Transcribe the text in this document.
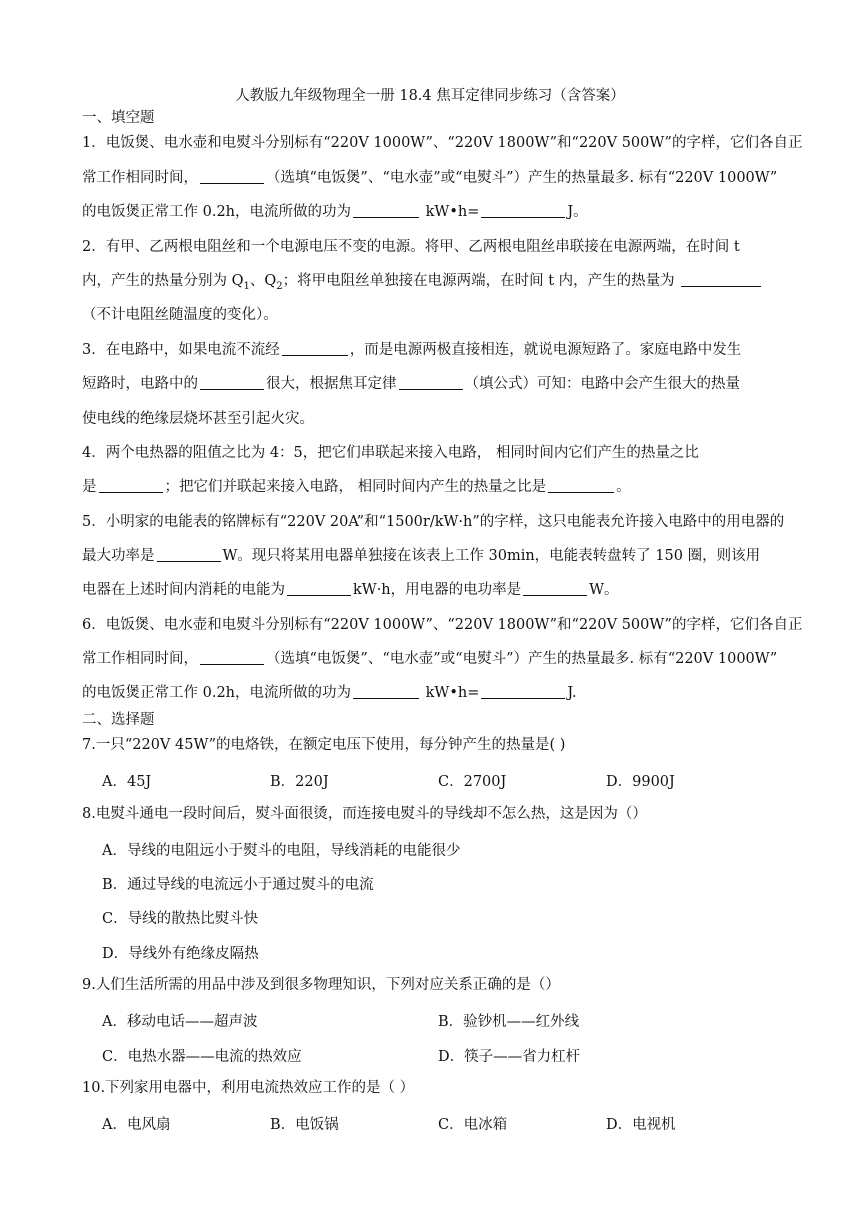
人教版九年级物理全一册 18.4 焦耳定律同步练习（含答案）
一、填空题
1．电饭煲、电水壶和电熨斗分别标有“220V 1000W”、“220V 1800W”和“220V 500W”的字样，它们各自正
常工作相同时间，	（选填“电饭煲”、“电水壶”或“电熨斗”）产生的热量最多. 标有“220V 1000W”
的电饭煲正常工作 0.2h，电流所做的功为	kW•h=	J。
2．有甲、乙两根电阻丝和一个电源电压不变的电源。将甲、乙两根电阻丝串联接在电源两端，在时间 t
内，产生的热量分别为 $Q_1$、$Q_2$；将甲电阻丝单独接在电源两端，在时间 t 内，产生的热量为
（不计电阻丝随温度的变化）。
3．在电路中，如果电流不流经	，而是电源两极直接相连，就说电源短路了。家庭电路中发生
短路时，电路中的	很大，根据焦耳定律	（填公式）可知：电路中会产生很大的热量
使电线的绝缘层烧坏甚至引起火灾。
4．两个电热器的阻值之比为 4：5，把它们串联起来接入电路， 相同时间内它们产生的热量之比
是	；把它们并联起来接入电路， 相同时间内产生的热量之比是	。
5．小明家的电能表的铭牌标有“220V 20A”和“1500r/kW·h”的字样，这只电能表允许接入电路中的用电器的
最大功率是	W。现只将某用电器单独接在该表上工作 30min，电能表转盘转了 150 圈，则该用
电器在上述时间内消耗的电能为	kW·h，用电器的电功率是	W。
6．电饭煲、电水壶和电熨斗分别标有“220V 1000W”、“220V 1800W”和“220V 500W”的字样，它们各自正
常工作相同时间，	（选填“电饭煲”、“电水壶”或“电熨斗”）产生的热量最多. 标有“220V 1000W”
的电饭煲正常工作 0.2h，电流所做的功为	kW•h=	J.
二、选择题
7.一只“220V 45W”的电烙铁，在额定电压下使用，每分钟产生的热量是( )
A．45J	B．220J	C．2700J	D．9900J
8.电熨斗通电一段时间后，熨斗面很烫，而连接电熨斗的导线却不怎么热，这是因为（）
A．导线的电阻远小于熨斗的电阻，导线消耗的电能很少
B．通过导线的电流远小于通过熨斗的电流
C．导线的散热比熨斗快
D．导线外有绝缘皮隔热
9.人们生活所需的用品中涉及到很多物理知识，下列对应关系正确的是（）
A．移动电话——超声波	B．验钞机——红外线
C．电热水器——电流的热效应	D．筷子——省力杠杆
10.下列家用电器中，利用电流热效应工作的是（ ）
A．电风扇	B．电饭锅	C．电冰箱	D．电视机
